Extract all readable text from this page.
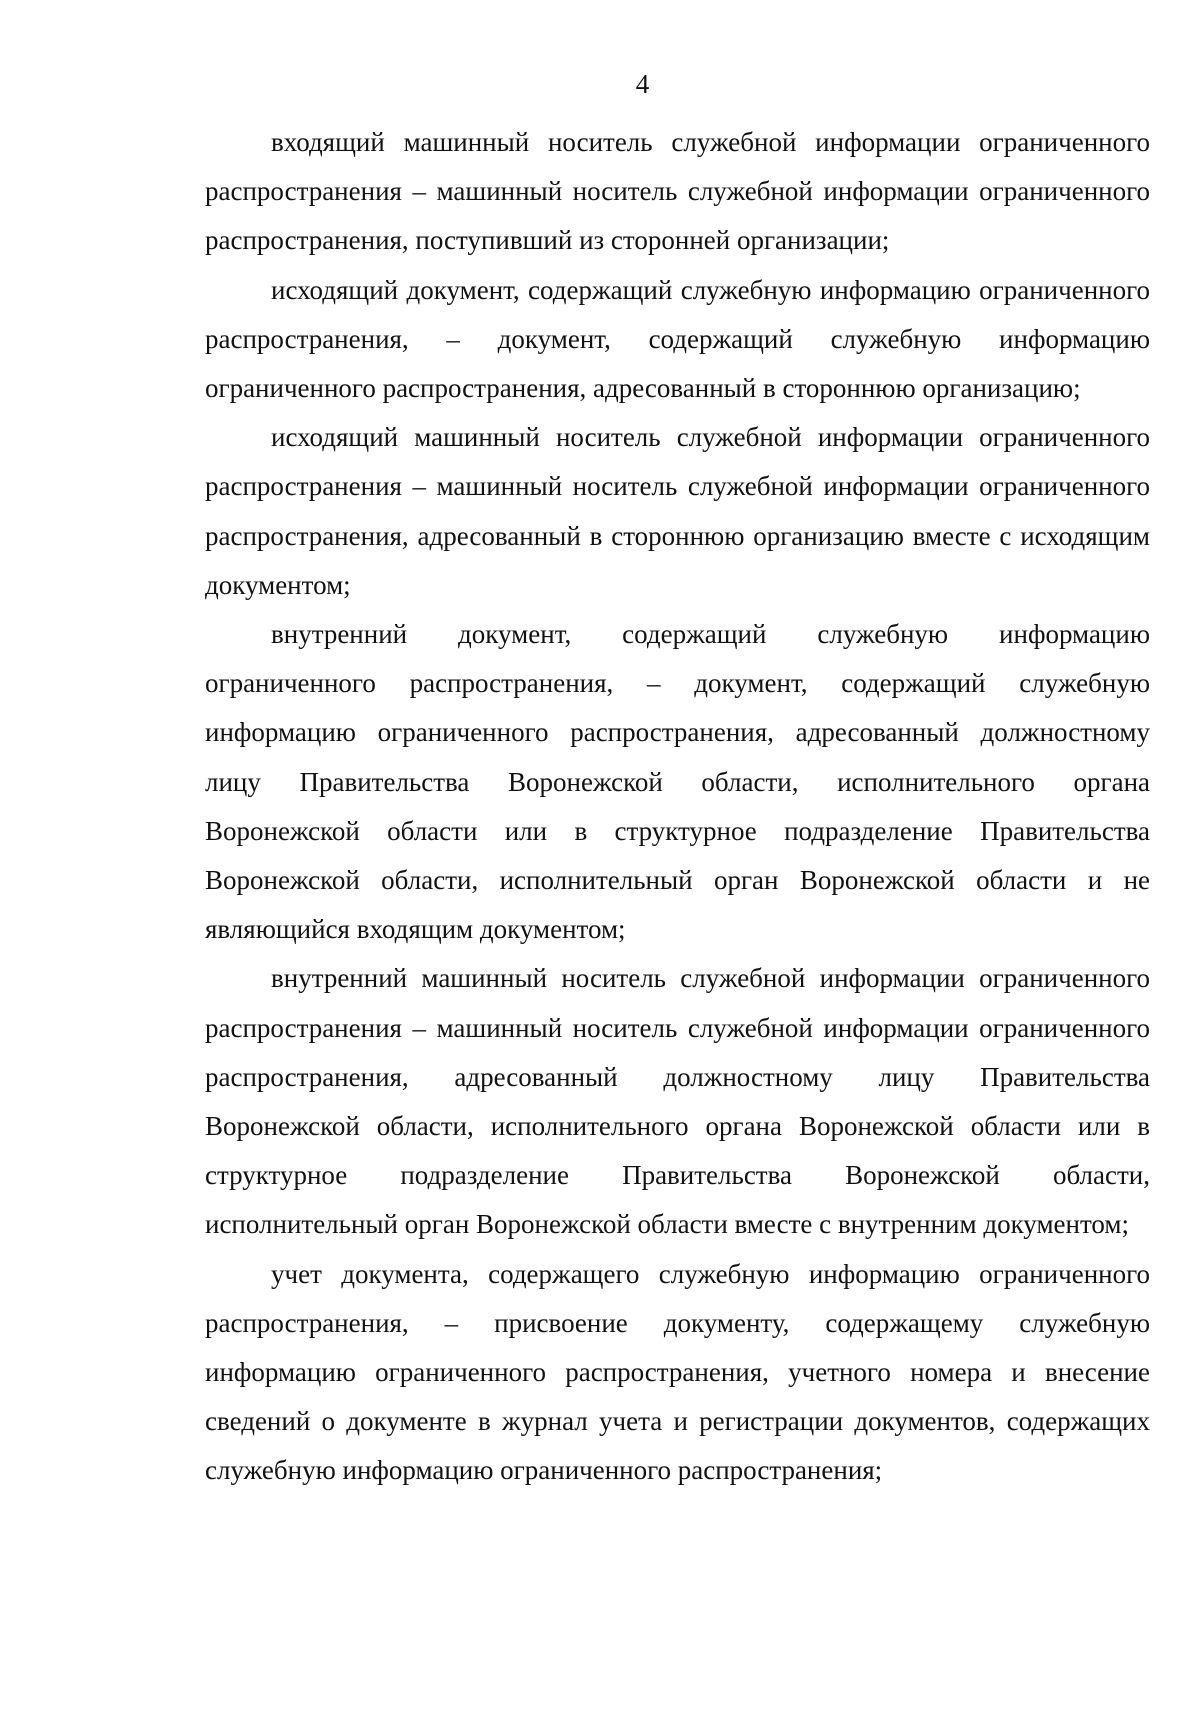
4

входящий машинный носитель служебной информации ограниченного распространения – машинный носитель служебной информации ограниченного распространения, поступивший из сторонней организации;

исходящий документ, содержащий служебную информацию ограниченного распространения, – документ, содержащий служебную информацию ограниченного распространения, адресованный в стороннюю организацию;

исходящий машинный носитель служебной информации ограниченного распространения – машинный носитель служебной информации ограниченного распространения, адресованный в стороннюю организацию вместе с исходящим документом;

внутренний документ, содержащий служебную информацию ограниченного распространения, – документ, содержащий служебную информацию ограниченного распространения, адресованный должностному лицу Правительства Воронежской области, исполнительного органа Воронежской области или в структурное подразделение Правительства Воронежской области, исполнительный орган Воронежской области и не являющийся входящим документом;

внутренний машинный носитель служебной информации ограниченного распространения – машинный носитель служебной информации ограниченного распространения, адресованный должностному лицу Правительства Воронежской области, исполнительного органа Воронежской области или в структурное подразделение Правительства Воронежской области, исполнительный орган Воронежской области вместе с внутренним документом;

учет документа, содержащего служебную информацию ограниченного распространения, – присвоение документу, содержащему служебную информацию ограниченного распространения, учетного номера и внесение сведений о документе в журнал учета и регистрации документов, содержащих служебную информацию ограниченного распространения;
